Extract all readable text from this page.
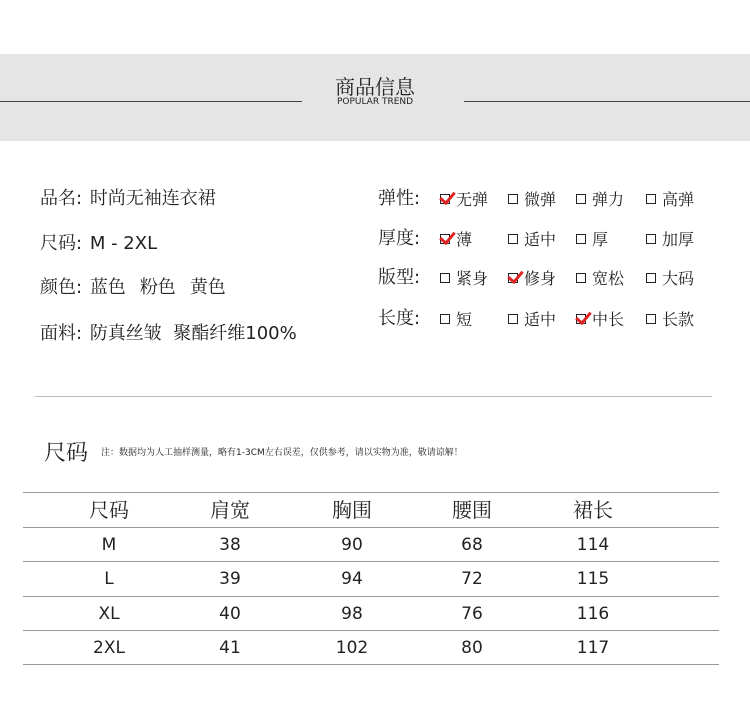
商品信息
POPULAR TREND
品名: 时尚无袖连衣裙
尺码: M - 2XL
颜色: 蓝色 粉色 黄色
面料: 防真丝皱  聚酯纤维100%
弹性:	无弹	微弹	弹力	高弹
厚度:	薄	适中	厚	加厚
版型:	紧身	修身	宽松	大码
长度:	短	适中	中长	长款
尺码 注：数据均为人工抽样测量，略有1-3CM左右误差，仅供参考，请以实物为准，敬请谅解！
尺码	肩宽	胸围	腰围	裙长
M	38	90	68	114
L	39	94	72	115
XL	40	98	76	116
2XL	41	102	80	117
